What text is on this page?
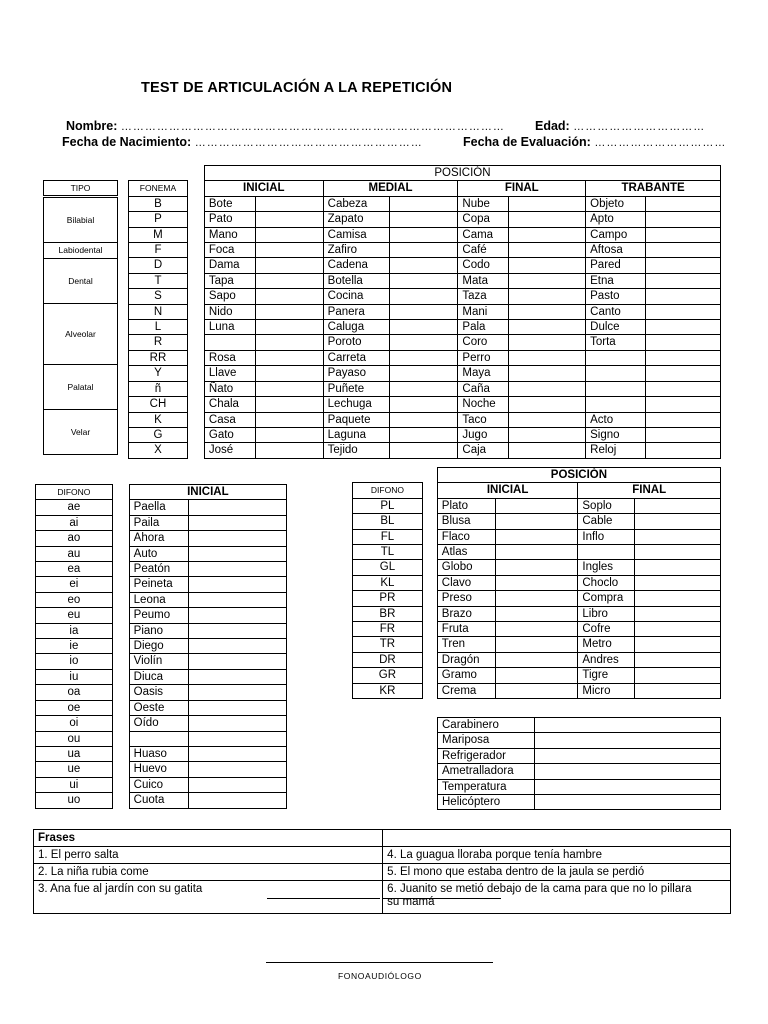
TEST DE ARTICULACIÓN A LA REPETICIÓN
Nombre: …………………………………………………………………………………… Edad: ……………………………
Fecha de Nacimiento: …………………………………………………	Fecha de Evaluación: ……………………………
TIPO

Bilabial
Labiodental
Dental
Alveolar
Palatal
Velar
		POSICIÓN							
FONEMA		INICIAL		MEDIAL		FINAL		TRABANTE	
B		Bote		Cabeza		Nube		Objeto	
P		Pato		Zapato		Copa		Apto	
M		Mano		Camisa		Cama		Campo	
F		Foca		Zafiro		Café		Aftosa	
D		Dama		Cadena		Codo		Pared	
T		Tapa		Botella		Mata		Etna	
S		Sapo		Cocina		Taza		Pasto	
N		Nido		Panera		Mani		Canto	
L		Luna		Caluga		Pala		Dulce	
R				Poroto		Coro		Torta	
RR		Rosa		Carreta		Perro			
Y		Llave		Payaso		Maya			
ñ		Ñato		Puñete		Caña			
CH		Chala		Lechuga		Noche			
K		Casa		Paquete		Taco		Acto	
G		Gato		Laguna		Jugo		Signo	
X		José		Tejido		Caja		Reloj	
DIFONO		INICIAL	
ae		Paella	
ai		Paila	
ao		Ahora	
au		Auto	
ea		Peatón	
ei		Peineta	
eo		Leona	
eu		Peumo	
ia		Piano	
ie		Diego	
io		Violín	
iu		Diuca	
oa		Oasis	
oe		Oeste	
oi		Oído	
ou			
ua		Huaso	
ue		Huevo	
ui		Cuico	
uo		Cuota	
		POSICIÓN			
DIFONO		INICIAL		FINAL	
PL		Plato		Soplo	
BL		Blusa		Cable	
FL		Flaco		Inflo	
TL		Atlas			
GL		Globo		Ingles	
KL		Clavo		Choclo	
PR		Preso		Compra	
BR		Brazo		Libro	
FR		Fruta		Cofre	
TR		Tren		Metro	
DR		Dragón		Andres	
GR		Gramo		Tigre	
KR		Crema		Micro	
Carabinero	
Mariposa	
Refrigerador	
Ametralladora	
Temperatura	
Helicóptero	
Frases	
1. El perro salta	4. La guagua lloraba porque tenía hambre
2. La niña rubia come	5. El mono que estaba dentro de la jaula se perdió
3. Ana fue al jardín con su gatita	6. Juanito se metió debajo de la cama para que no lo pillara
su mamá
FONOAUDIÓLOGO
